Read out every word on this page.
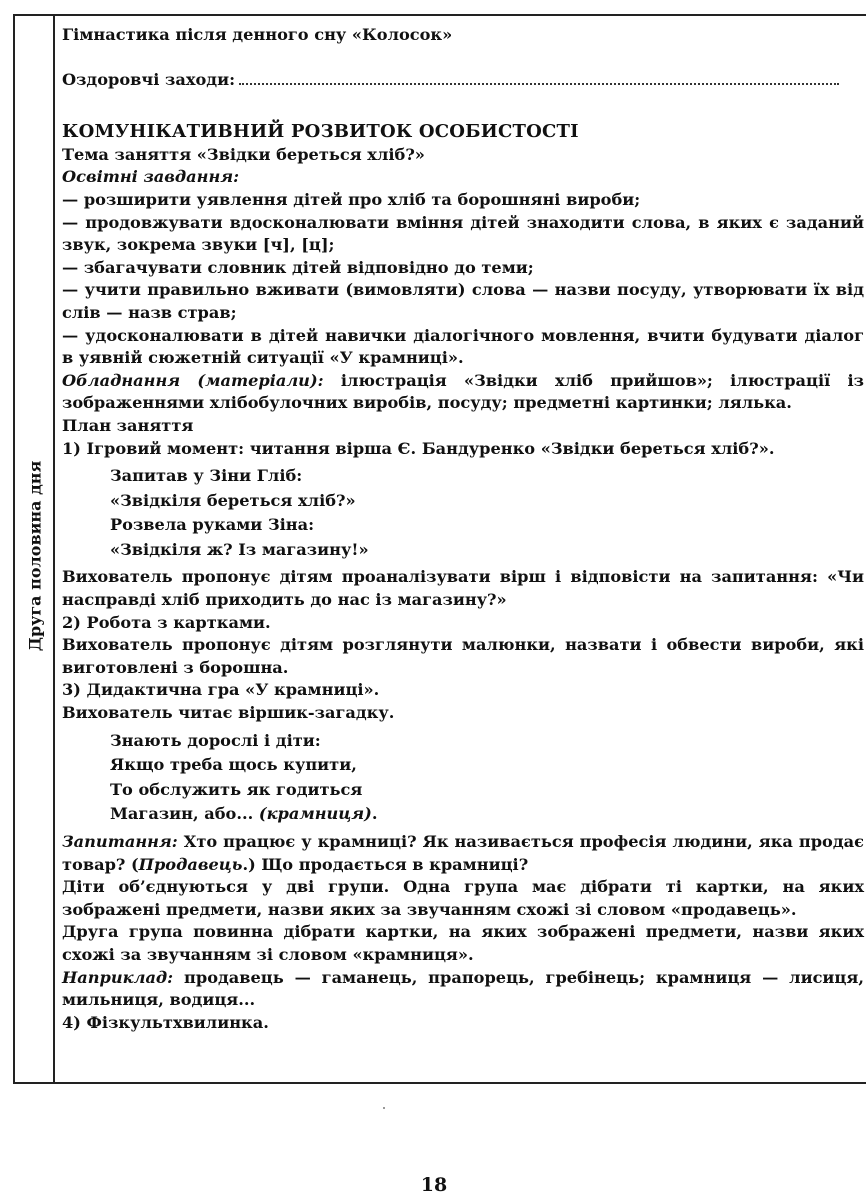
Друга половина дня

Гімнастика після денного сну «Колосок»

Оздоровчі заходи:

КОМУНІКАТИВНИЙ РОЗВИТОК ОСОБИСТОСТІ

Тема заняття «Звідки береться хліб?»

Освітні завдання:

— розширити уявлення дітей про хліб та борошняні вироби;

— продовжувати вдосконалювати вміння дітей знаходити слова, в яких є заданий звук, зокрема звуки [ч], [ц];

— збагачувати словник дітей відповідно до теми;

— учити правильно вживати (вимовляти) слова — назви посуду, утворювати їх від слів — назв страв;

— удосконалювати в дітей навички діалогічного мовлення, вчити будувати діалог в уявній сюжетній ситуації «У крамниці».

Обладнання (матеріали): ілюстрація «Звідки хліб прийшов»; ілюстрації із зображеннями хлібобулочних виробів, посуду; предметні картинки; лялька.

План заняття

1) Ігровий момент: читання вірша Є. Бандуренко «Звідки береться хліб?».

Запитав у Зіни Гліб:
«Звідкіля береться хліб?»
Розвела руками Зіна:
«Звідкіля ж? Із магазину!»

Вихователь пропонує дітям проаналізувати вірш і відповісти на запитання: «Чи насправді хліб приходить до нас із магазину?»

2) Робота з картками.

Вихователь пропонує дітям розглянути малюнки, назвати і обвести вироби, які виготовлені з борошна.

3) Дидактична гра «У крамниці».

Вихователь читає віршик-загадку.

Знають дорослі і діти:
Якщо треба щось купити,
То обслужить як годиться
Магазин, або... (крамниця).

Запитання: Хто працює у крамниці? Як називається професія людини, яка продає товар? (Продавець.) Що продається в крамниці?

Діти об’єднуються у дві групи. Одна група має дібрати ті картки, на яких зображені предмети, назви яких за звучанням схожі зі словом «продавець».

Друга група повинна дібрати картки, на яких зображені предмети, назви яких схожі за звучанням зі словом «крамниця».

Наприклад: продавець — гаманець, прапорець, гребінець; крамниця — лисиця, мильниця, водиця...

4) Фізкультхвилинка.

18
